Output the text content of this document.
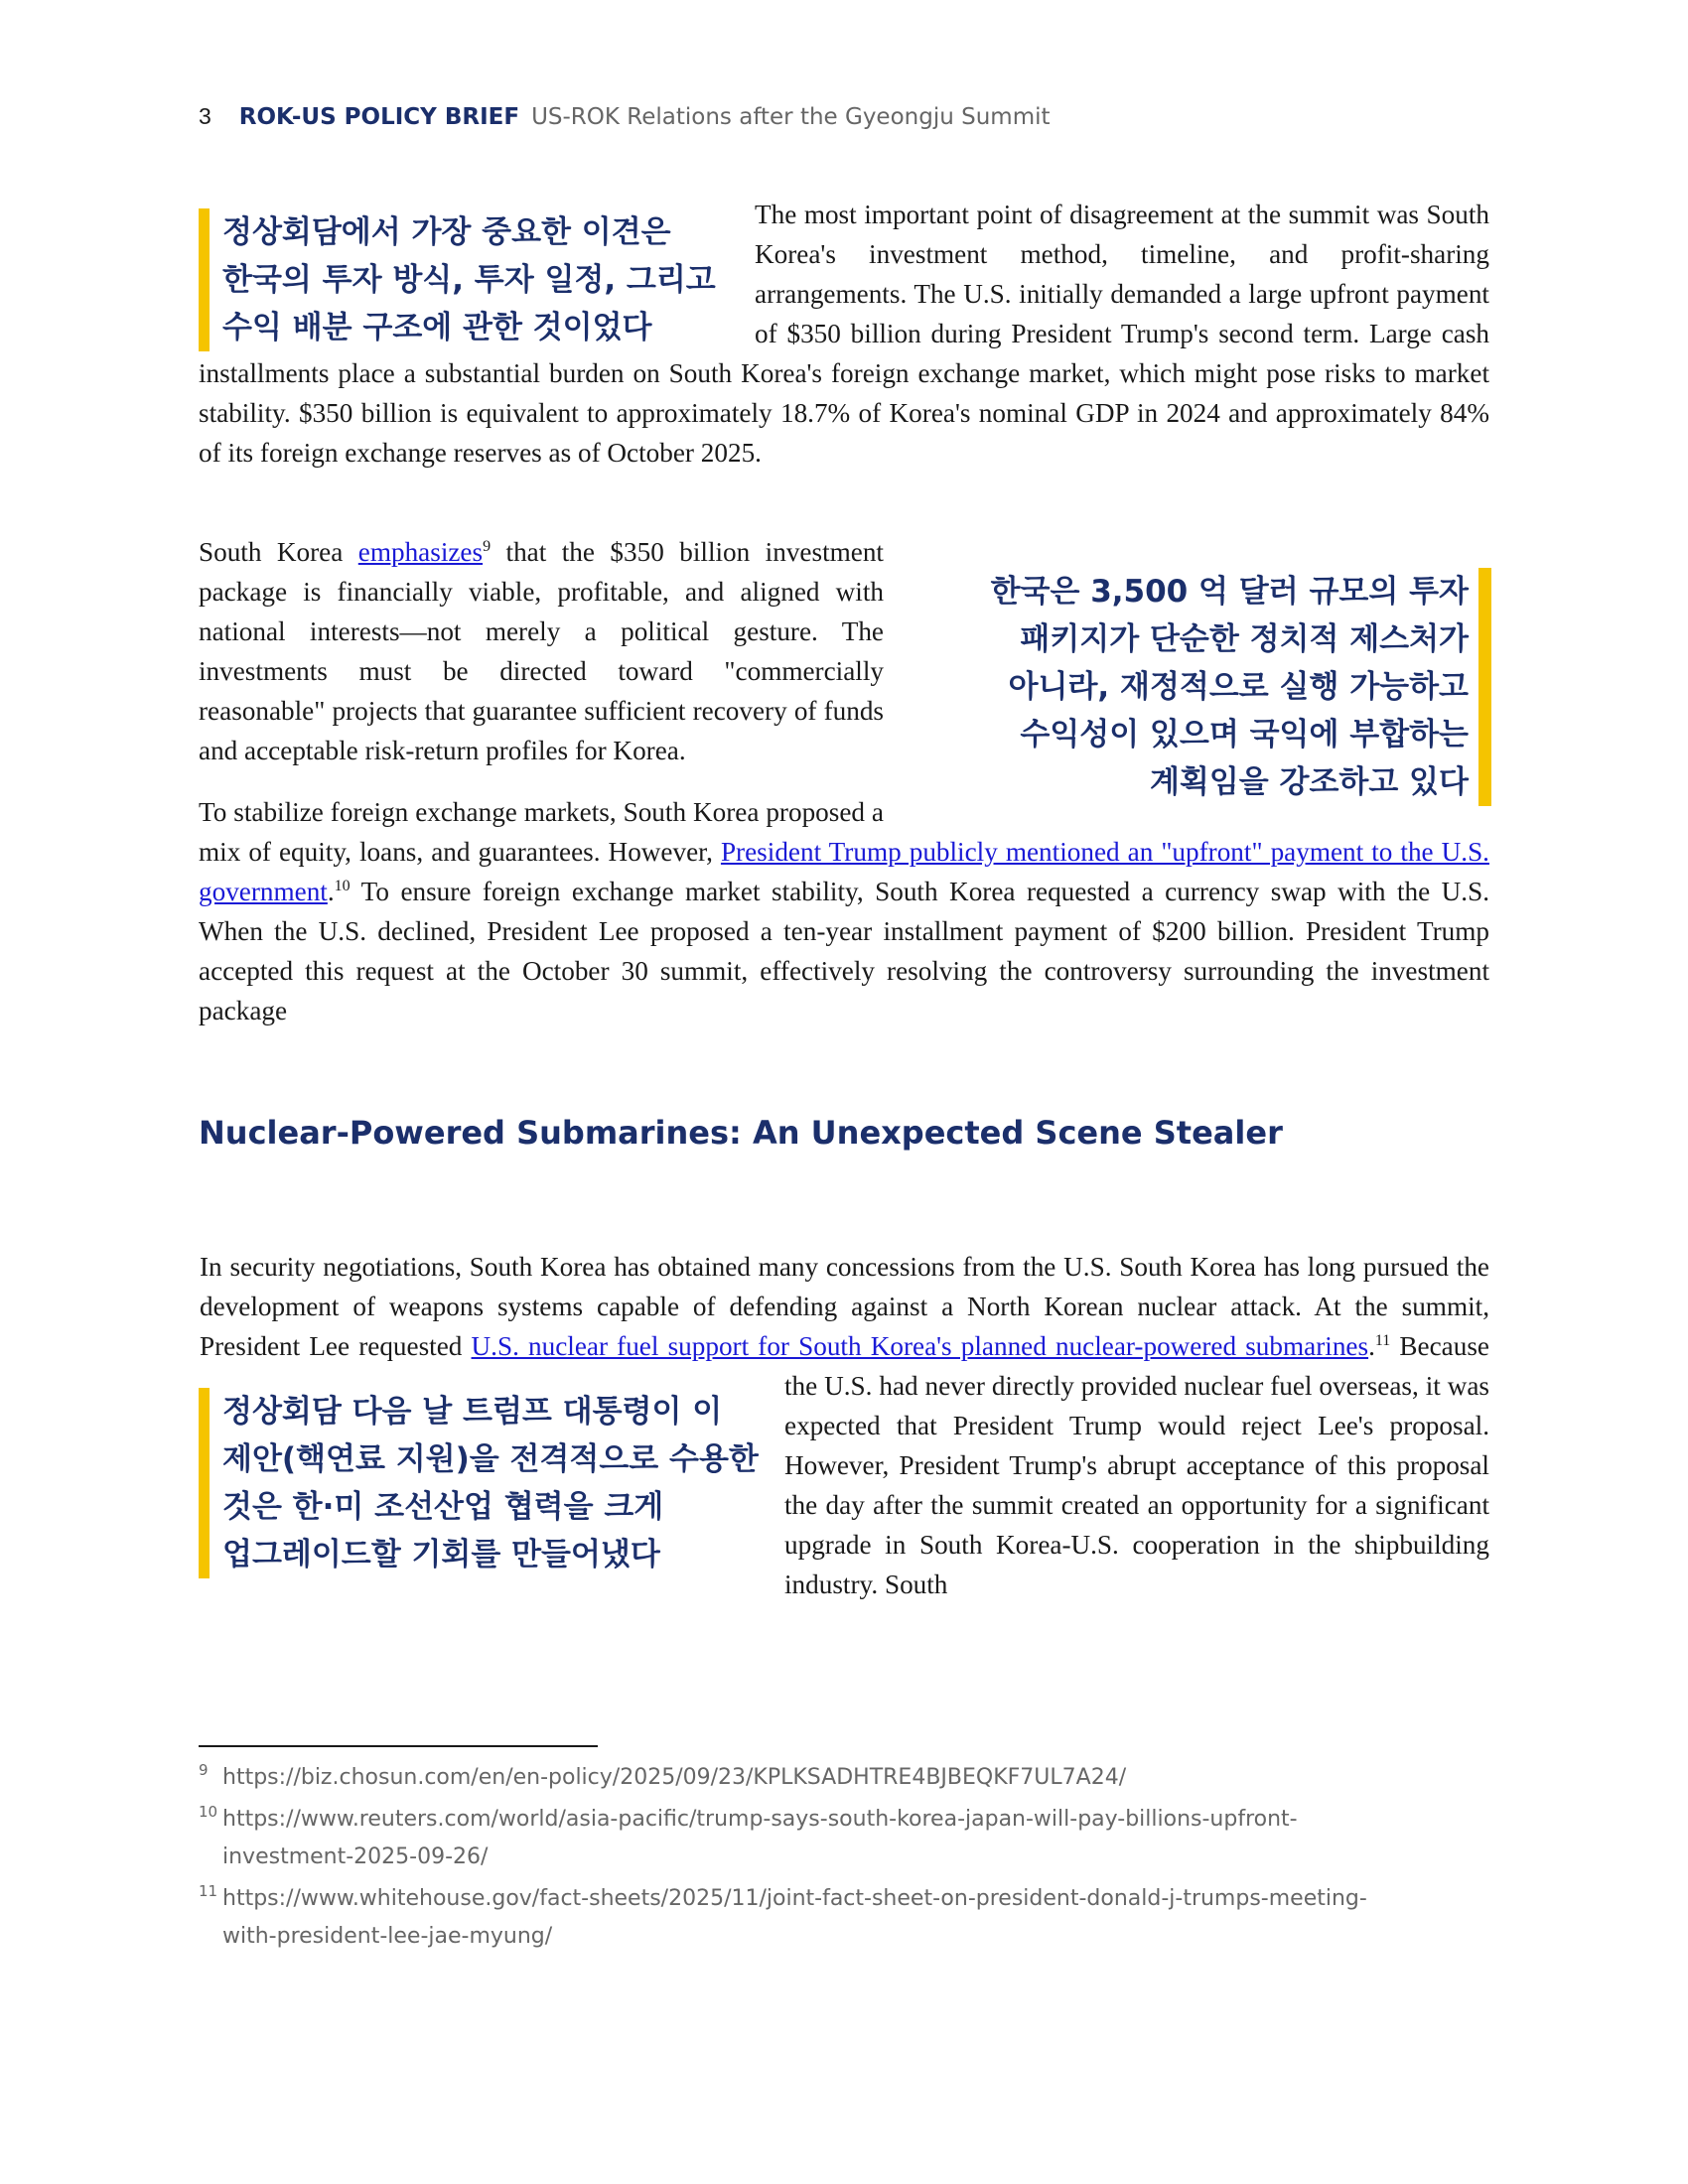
3 ROK-US POLICY BRIEF US-ROK Relations after the Gyeongju Summit
정상회담에서 가장 중요한 이견은
한국의 투자 방식, 투자 일정, 그리고
수익 배분 구조에 관한 것이었다

The most important point of disagreement at the summit was South Korea's investment method, timeline, and profit-sharing arrangements. The U.S. initially demanded a large upfront payment of $350 billion during President Trump's second term. Large cash installments place a substantial burden on South Korea's foreign exchange market, which might pose risks to market stability. $350 billion is equivalent to approximately 18.7% of Korea's nominal GDP in 2024 and approximately 84% of its foreign exchange reserves as of October 2025.

한국은 3,500 억 달러 규모의 투자
패키지가 단순한 정치적 제스처가
아니라, 재정적으로 실행 가능하고
수익성이 있으며 국익에 부합하는
계획임을 강조하고 있다

South Korea emphasizes$^9$ that the $350 billion investment package is financially viable, profitable, and aligned with national interests—not merely a political gesture. The investments must be directed toward "commercially reasonable" projects that guarantee sufficient recovery of funds and acceptable risk-return profiles for Korea.

To stabilize foreign exchange markets, South Korea proposed a mix of equity, loans, and guarantees. However, President Trump publicly mentioned an "upfront" payment to the U.S. government.$^{10}$ To ensure foreign exchange market stability, South Korea requested a currency swap with the U.S. When the U.S. declined, President Lee proposed a ten-year installment payment of $200 billion. President Trump accepted this request at the October 30 summit, effectively resolving the controversy surrounding the investment package

Nuclear-Powered Submarines: An Unexpected Scene Stealer
정상회담 다음 날 트럼프 대통령이 이
제안(핵연료 지원)을 전격적으로 수용한
것은 한·미 조선산업 협력을 크게
업그레이드할 기회를 만들어냈다

In security negotiations, South Korea has obtained many concessions from the U.S. South Korea has long pursued the development of weapons systems capable of defending against a North Korean nuclear attack. At the summit, President Lee requested U.S. nuclear fuel support for South Korea's planned nuclear-powered submarines.$^{11}$ Because the U.S. had never directly provided nuclear fuel overseas, it was expected that President Trump would reject Lee's proposal. However, President Trump's abrupt acceptance of this proposal the day after the summit created an opportunity for a significant upgrade in South Korea-U.S. cooperation in the shipbuilding industry. South

9 https://biz.chosun.com/en/en-policy/2025/09/23/KPLKSADHTRE4BJBEQKF7UL7A24/
10 https://www.reuters.com/world/asia-pacific/trump-says-south-korea-japan-will-pay-billions-upfront-
investment-2025-09-26/
11 https://www.whitehouse.gov/fact-sheets/2025/11/joint-fact-sheet-on-president-donald-j-trumps-meeting-
with-president-lee-jae-myung/
